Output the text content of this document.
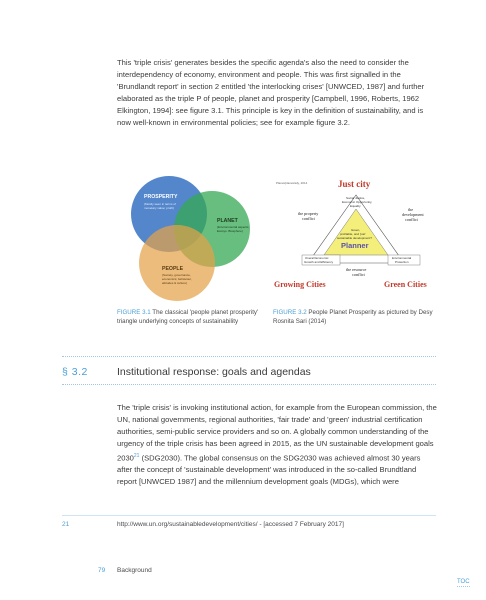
This 'triple crisis' generates besides the specific agenda's also the need to consider the interdependency of economy, environment and people. This was first signalled in the 'Brundlandt report' in section 2 entitled 'the interlocking crises' [UNWCED, 1987] and further elaborated as the triple P of people, planet and prosperity [Campbell, 1996, Roberts, 1962 Elkington, 1994]: see figure 3.1. This principle is key in the definition of sustainability, and is now well-known in environmental policies; see for example figure 3.2.

PROSPERITY
(Mostly seen in terms of
monetary value; profit)
PLANET
(Environmental aspects;
Ecosys. Biosphere)
PEOPLE
(Society, governance,
economics; behaviour,
attitudes & culture)
Planet/planet/ady, 2014	Just city
Social Justice,
Economic Opportunity,
Equality
the property
conflict
the
development
conflict
Green,
profitable, and 'just'
sustainable development?
Planner
Overall Economic
Growth and Efficiency
Environmental
Protection
the resource
conflict
Growing Cities	Green Cities
FIGURE 3.1 The classical 'people planet prosperity' triangle underlying concepts of sustainability
FIGURE 3.2 People Planet Prosperity as pictured by Desy Rosnita Sari (2014)
§ 3.2	Institutional response: goals and agendas

The 'triple crisis' is invoking institutional action, for example from the European commission, the UN, national governments, regional authorities, 'fair trade' and 'green' industrial certification authorities, semi-public service providers and so on. A globally common understanding of the urgency of the triple crisis has been agreed in 2015, as the UN sustainable development goals 2030$^{21}$ (SDG2030). The global consensus on the SDG2030 was achieved almost 30 years after the concept of 'sustainable development' was introduced in the so-called Brundtland report [UNWCED 1987] and the millennium development goals (MDGs), which were

21	http://www.un.org/sustainabledevelopment/cities/ - [accessed 7 February 2017]
79 Background
TOC
